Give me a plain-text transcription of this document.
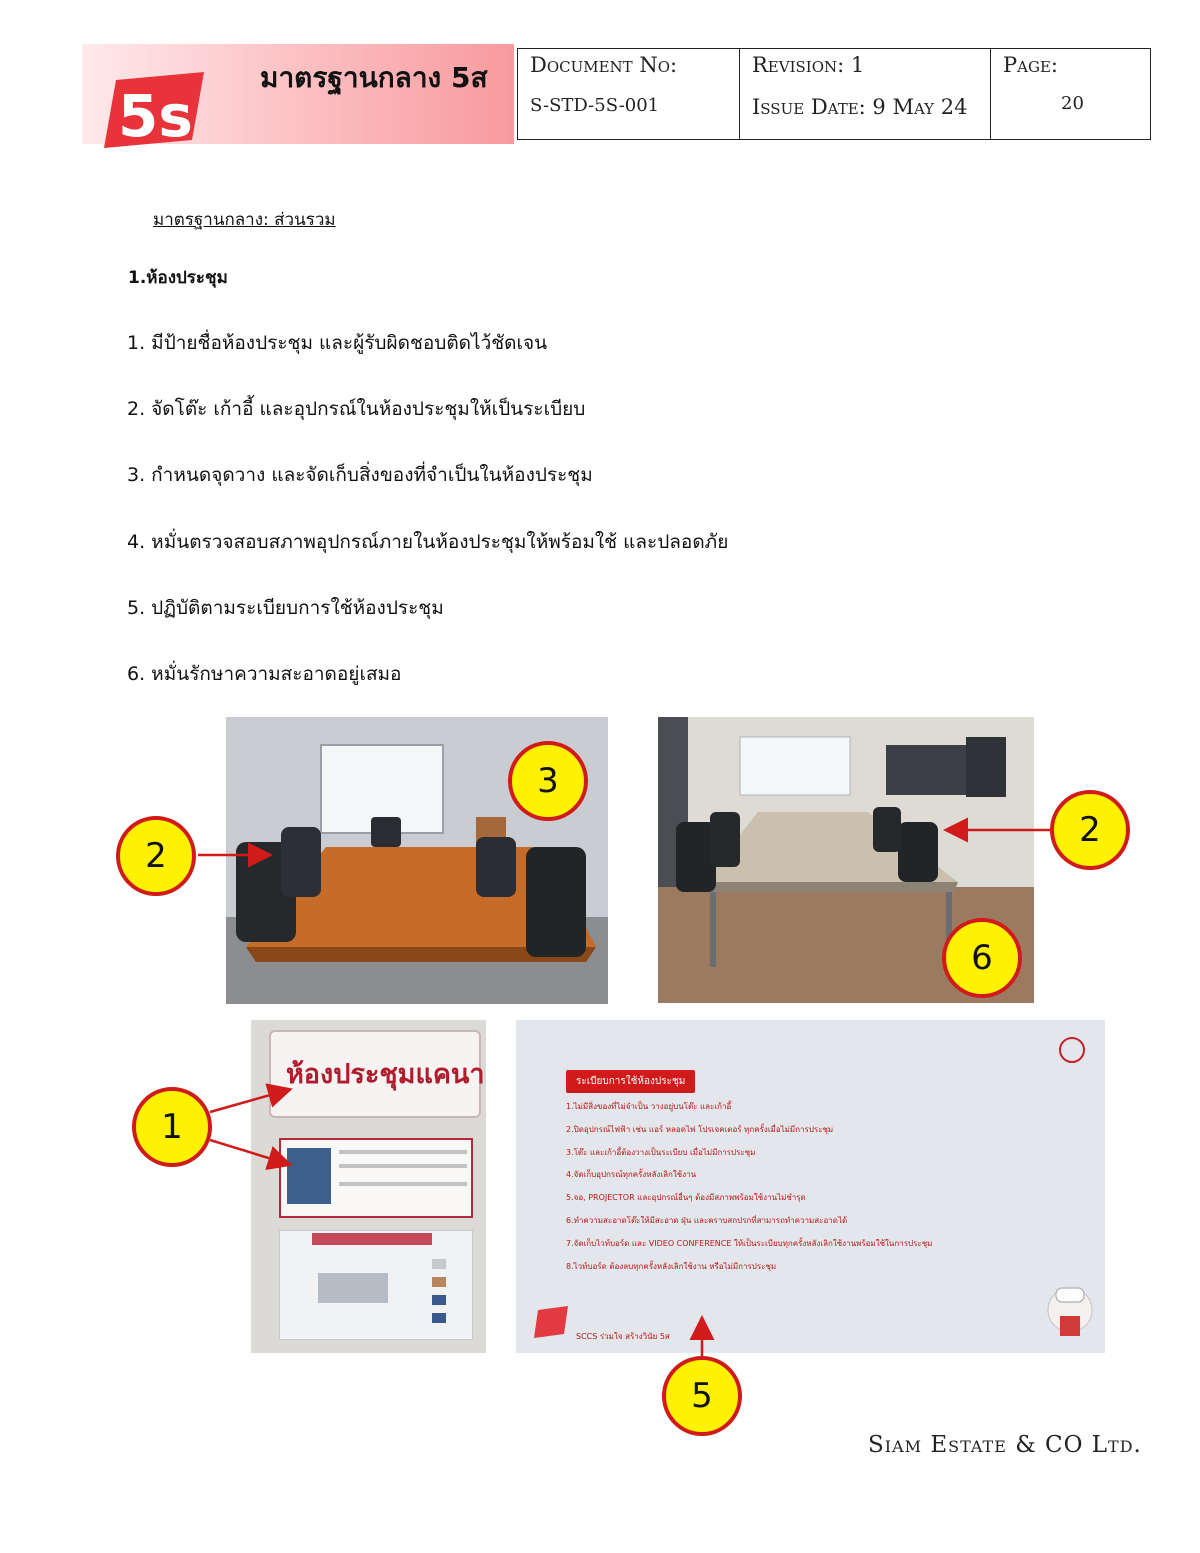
5s
มาตรฐานกลาง 5ส Document No:
S-STD-5S-001
Revision: 1
Issue Date: 9 May 24
Page:
20
มาตรฐานกลาง: ส่วนรวม
1.ห้องประชุม
1. มีป้ายชื่อห้องประชุม และผู้รับผิดชอบติดไว้ชัดเจน
2. จัดโต๊ะ เก้าอี้ และอุปกรณ์ในห้องประชุมให้เป็นระเบียบ
3. กำหนดจุดวาง และจัดเก็บสิ่งของที่จำเป็นในห้องประชุม
4. หมั่นตรวจสอบสภาพอุปกรณ์ภายในห้องประชุมให้พร้อมใช้ และปลอดภัย
5. ปฏิบัติตามระเบียบการใช้ห้องประชุม
6. หมั่นรักษาความสะอาดอยู่เสมอ
ห้องประชุมแคนา	ระเบียบการใช้ห้องประชุม
1.ไม่มีสิ่งของที่ไม่จำเป็น วางอยู่บนโต๊ะ และเก้าอี้
2.ปิดอุปกรณ์ไฟฟ้า เช่น แอร์ หลอดไฟ โปรเจคเตอร์ ทุกครั้งเมื่อไม่มีการประชุม
3.โต๊ะ และเก้าอี้ต้องวางเป็นระเบียบ เมื่อไม่มีการประชุม
4.จัดเก็บอุปกรณ์ทุกครั้งหลังเลิกใช้งาน
5.จอ, PROJECTOR และอุปกรณ์อื่นๆ ต้องมีสภาพพร้อมใช้งานไม่ชำรุด
6.ทำความสะอาดโต๊ะให้มีสะอาด ฝุ่น และคราบสกปรกที่สามารถทำความสะอาดได้
7.จัดเก็บไวท์บอร์ด และ VIDEO CONFERENCE ให้เป็นระเบียบทุกครั้งหลังเลิกใช้งานพร้อมใช้ในการประชุม
8.ไวท์บอร์ด ต้องลบทุกครั้งหลังเลิกใช้งาน หรือไม่มีการประชุม
SCCS ร่วมใจ สร้างวินัย 5ส
3
2
2
6
1
5
Siam Estate & CO Ltd.
